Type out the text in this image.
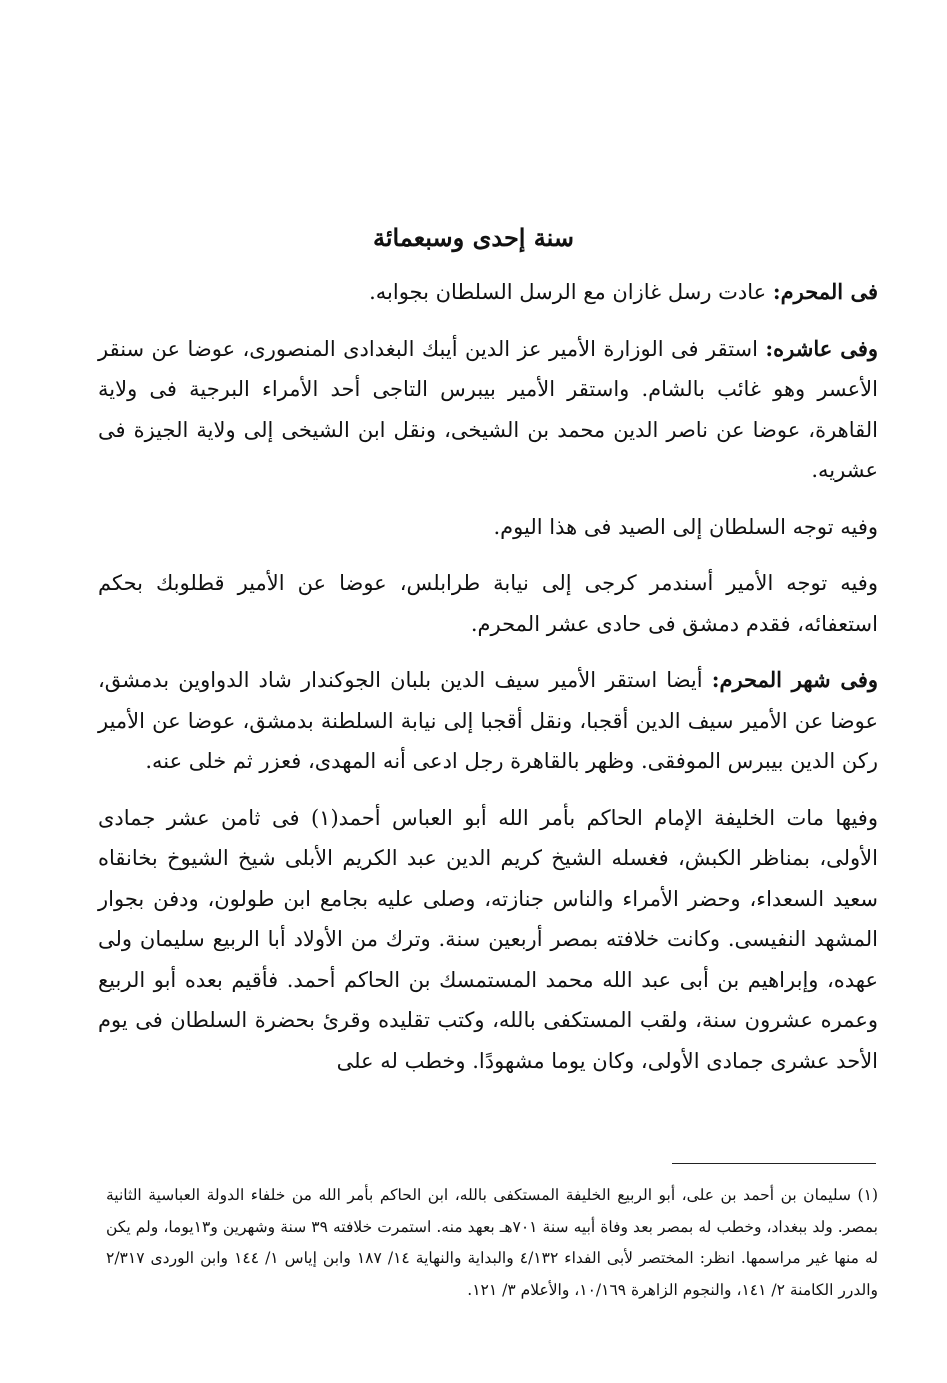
سنة إحدى وسبعمائة

فى المحرم: عادت رسل غازان مع الرسل السلطان بجوابه.

وفى عاشره: استقر فى الوزارة الأمير عز الدين أيبك البغدادى المنصورى، عوضا عن سنقر الأعسر وهو غائب بالشام. واستقر الأمير بيبرس التاجى أحد الأمراء البرجية فى ولاية القاهرة، عوضا عن ناصر الدين محمد بن الشيخى، ونقل ابن الشيخى إلى ولاية الجيزة فى عشريه.

وفيه توجه السلطان إلى الصيد فى هذا اليوم.

وفيه توجه الأمير أسندمر كرجى إلى نيابة طرابلس، عوضا عن الأمير قطلوبك بحكم استعفائه، فقدم دمشق فى حادى عشر المحرم.

وفى شهر المحرم: أيضا استقر الأمير سيف الدين بلبان الجوكندار شاد الدواوين بدمشق، عوضا عن الأمير سيف الدين أقجبا، ونقل أقجبا إلى نيابة السلطنة بدمشق، عوضا عن الأمير ركن الدين بيبرس الموفقى. وظهر بالقاهرة رجل ادعى أنه المهدى، فعزر ثم خلى عنه.

وفيها مات الخليفة الإمام الحاكم بأمر الله أبو العباس أحمد(١) فى ثامن عشر جمادى الأولى، بمناظر الكبش، فغسله الشيخ كريم الدين عبد الكريم الأبلى شيخ الشيوخ بخانقاه سعيد السعداء، وحضر الأمراء والناس جنازته، وصلى عليه بجامع ابن طولون، ودفن بجوار المشهد النفيسى. وكانت خلافته بمصر أربعين سنة. وترك من الأولاد أبا الربيع سليمان ولى عهده، وإبراهيم بن أبى عبد الله محمد المستمسك بن الحاكم أحمد. فأقيم بعده أبو الربيع وعمره عشرون سنة، ولقب المستكفى بالله، وكتب تقليده وقرئ بحضرة السلطان فى يوم الأحد عشرى جمادى الأولى، وكان يوما مشهودًا. وخطب له على

(١) سليمان بن أحمد بن على، أبو الربيع الخليفة المستكفى بالله، ابن الحاكم بأمر الله من خلفاء الدولة العباسية الثانية بمصر. ولد ببغداد، وخطب له بمصر بعد وفاة أبيه سنة ٧٠١هـ بعهد منه. استمرت خلافته ٣٩ سنة وشهرين و١٣يوما، ولم يكن له منها غير مراسمها. انظر: المختصر لأبى الفداء ٤/١٣٢ والبداية والنهاية ١٤/ ١٨٧ وابن إياس ١/ ١٤٤ وابن الوردى ٢/٣١٧ والدرر الكامنة ٢/ ١٤١، والنجوم الزاهرة ١٠/١٦٩، والأعلام ٣/ ١٢١.
